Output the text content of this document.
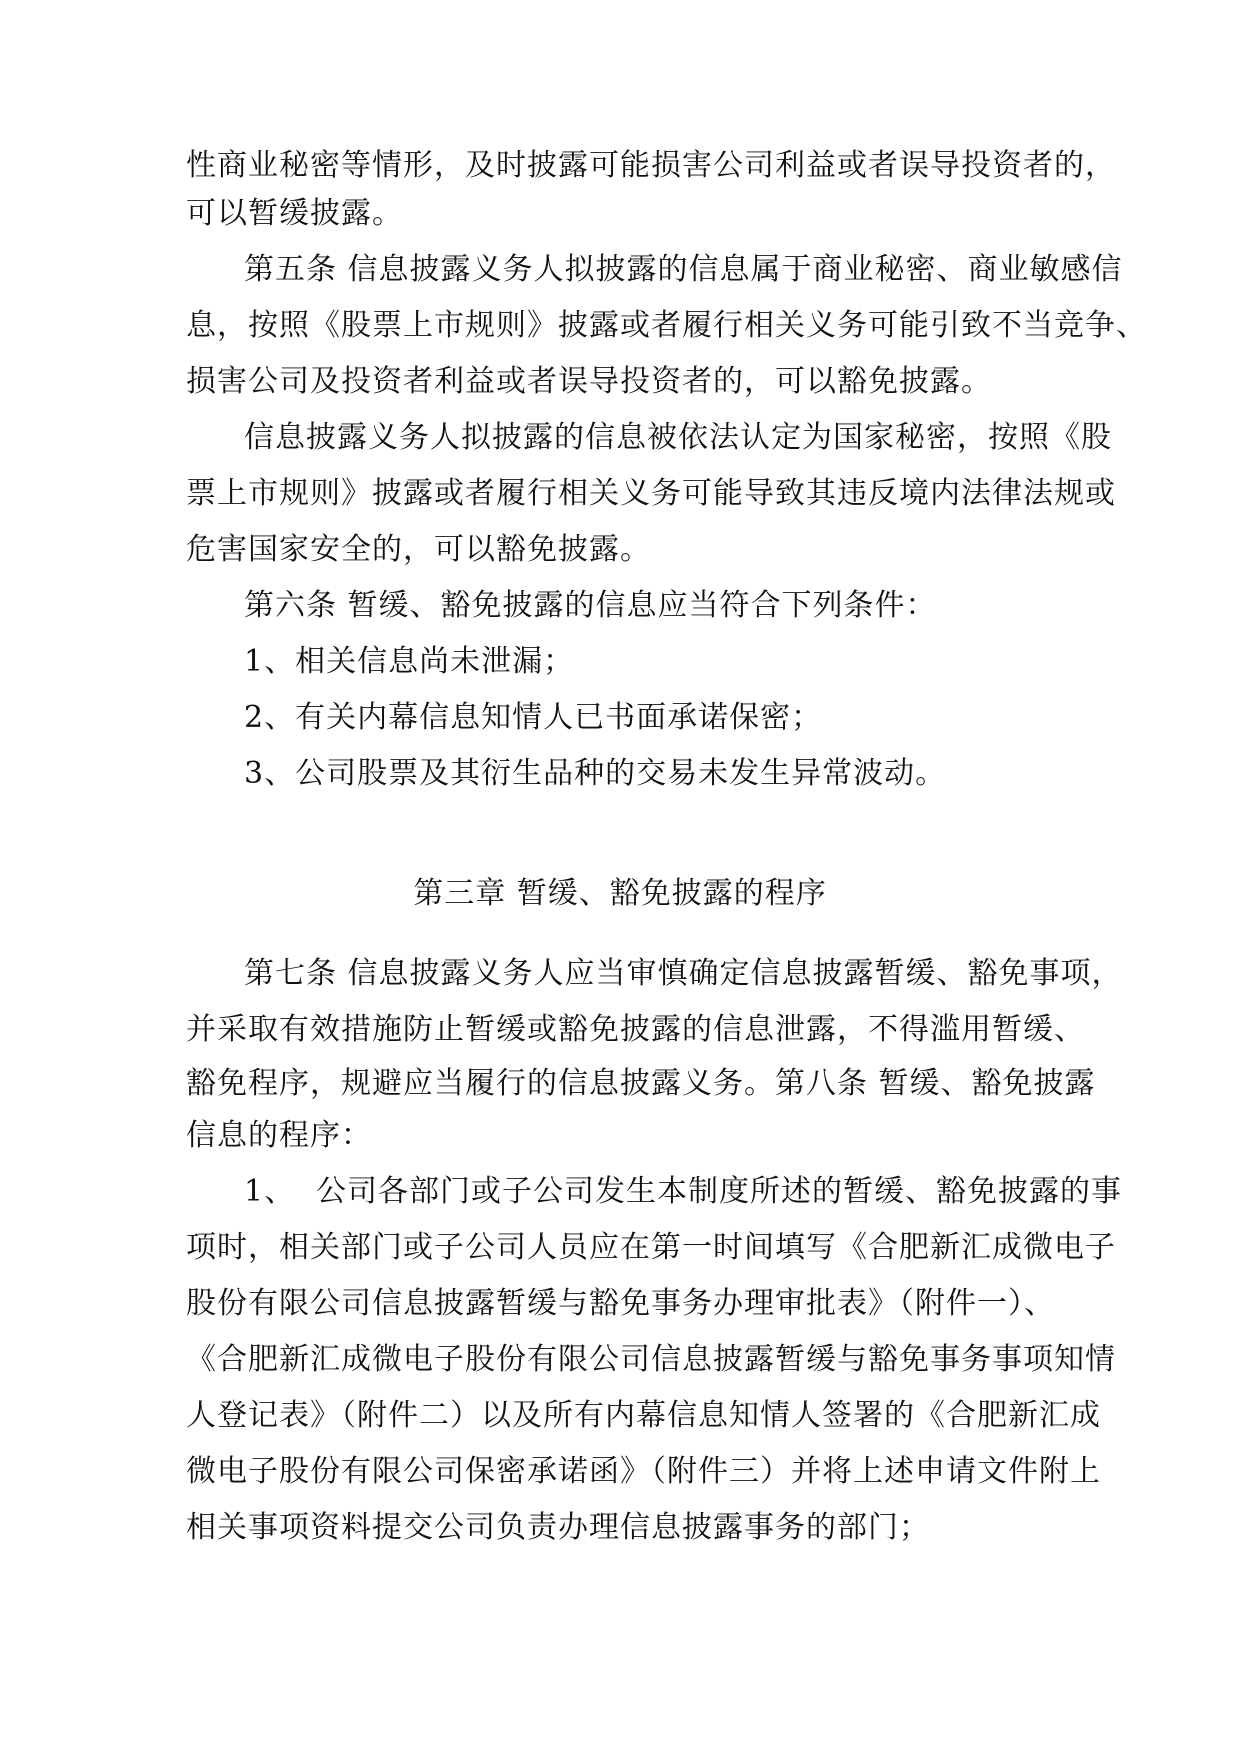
性商业秘密等情形，及时披露可能损害公司利益或者误导投资者的，
可以暂缓披露。
第五条 信息披露义务人拟披露的信息属于商业秘密、商业敏感信
息，按照《股票上市规则》披露或者履行相关义务可能引致不当竞争、
损害公司及投资者利益或者误导投资者的，可以豁免披露。
信息披露义务人拟披露的信息被依法认定为国家秘密，按照《股
票上市规则》披露或者履行相关义务可能导致其违反境内法律法规或
危害国家安全的，可以豁免披露。
第六条 暂缓、豁免披露的信息应当符合下列条件：
1、相关信息尚未泄漏；
2、有关内幕信息知情人已书面承诺保密；
3、公司股票及其衍生品种的交易未发生异常波动。
第三章 暂缓、豁免披露的程序
第七条 信息披露义务人应当审慎确定信息披露暂缓、豁免事项，
并采取有效措施防止暂缓或豁免披露的信息泄露，不得滥用暂缓、
豁免程序，规避应当履行的信息披露义务。第八条 暂缓、豁免披露
信息的程序：
1、 公司各部门或子公司发生本制度所述的暂缓、豁免披露的事
项时，相关部门或子公司人员应在第一时间填写《合肥新汇成微电子
股份有限公司信息披露暂缓与豁免事务办理审批表》（附件一）、
《合肥新汇成微电子股份有限公司信息披露暂缓与豁免事务事项知情
人登记表》（附件二）以及所有内幕信息知情人签署的《合肥新汇成
微电子股份有限公司保密承诺函》（附件三）并将上述申请文件附上
相关事项资料提交公司负责办理信息披露事务的部门；
